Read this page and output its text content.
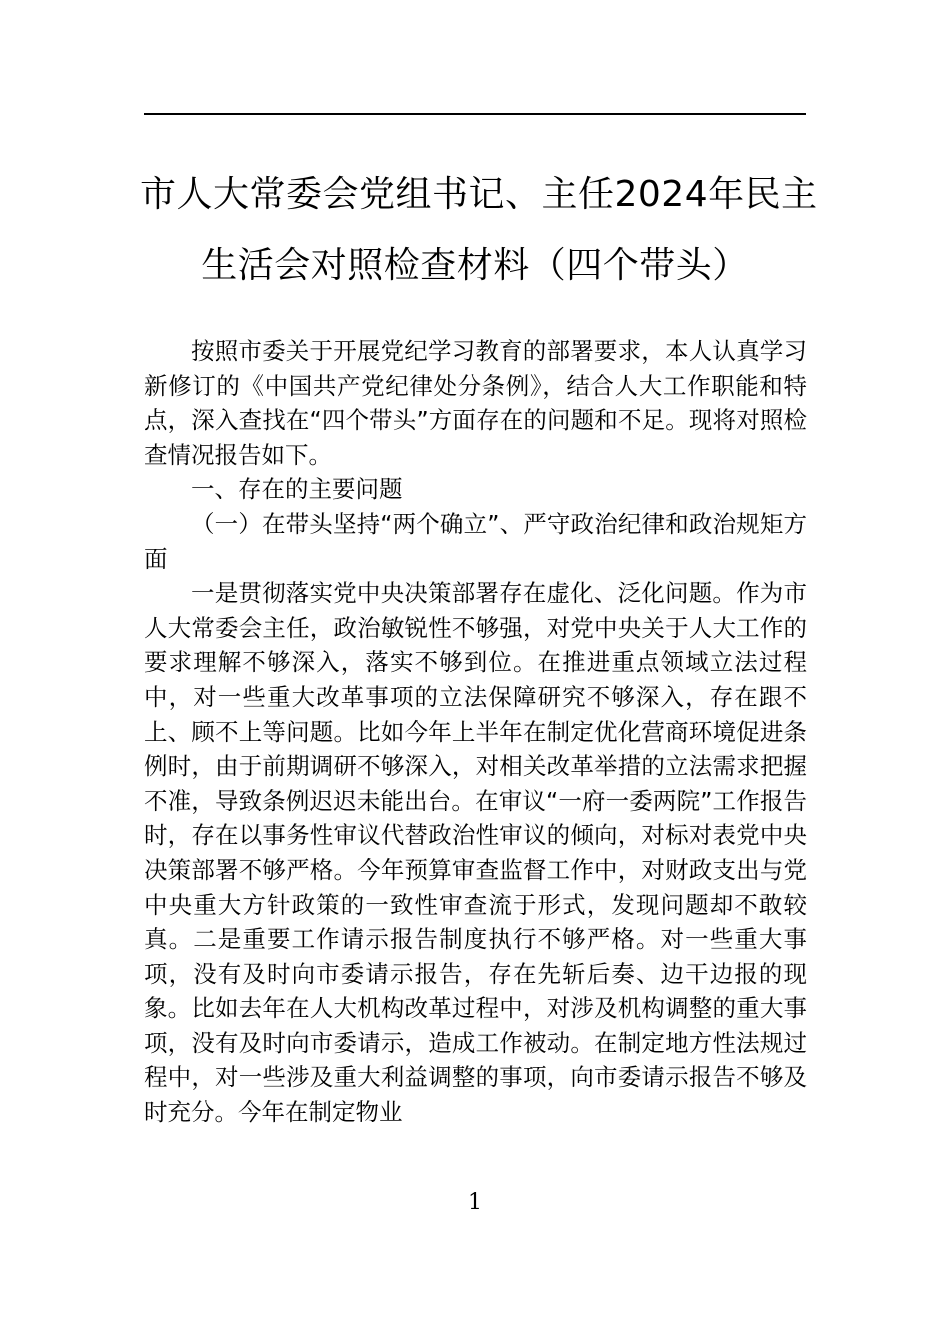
市人大常委会党组书记、主任2024年民主
生活会对照检查材料（四个带头）

按照市委关于开展党纪学习教育的部署要求，本人认真学习新修订的《中国共产党纪律处分条例》，结合人大工作职能和特点，深入查找在“四个带头”方面存在的问题和不足。现将对照检查情况报告如下。

一、存在的主要问题

（一）在带头坚持“两个确立”、严守政治纪律和政治规矩方面

一是贯彻落实党中央决策部署存在虚化、泛化问题。作为市人大常委会主任，政治敏锐性不够强，对党中央关于人大工作的要求理解不够深入，落实不够到位。在推进重点领域立法过程中，对一些重大改革事项的立法保障研究不够深入，存在跟不上、顾不上等问题。比如今年上半年在制定优化营商环境促进条例时，由于前期调研不够深入，对相关改革举措的立法需求把握不准，导致条例迟迟未能出台。在审议“一府一委两院”工作报告时，存在以事务性审议代替政治性审议的倾向，对标对表党中央决策部署不够严格。今年预算审查监督工作中，对财政支出与党中央重大方针政策的一致性审查流于形式，发现问题却不敢较真。二是重要工作请示报告制度执行不够严格。对一些重大事项，没有及时向市委请示报告，存在先斩后奏、边干边报的现象。比如去年在人大机构改革过程中，对涉及机构调整的重大事项，没有及时向市委请示，造成工作被动。在制定地方性法规过程中，对一些涉及重大利益调整的事项，向市委请示报告不够及时充分。今年在制定物业

1
